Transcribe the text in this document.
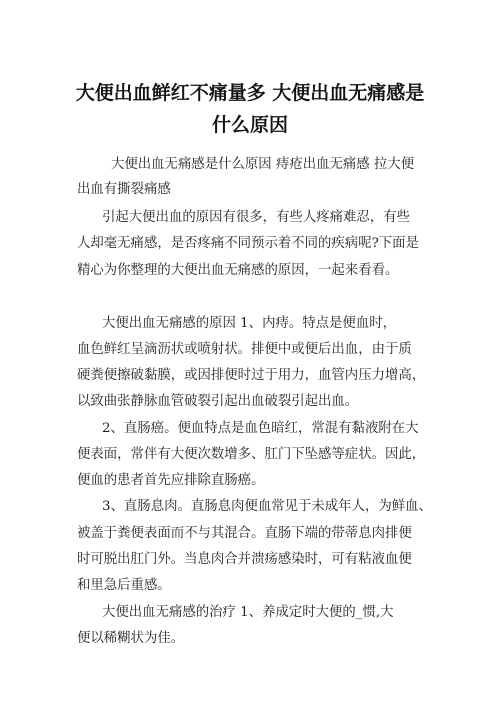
大便出血鲜红不痛量多 大便出血无痛感是
什么原因
大便出血无痛感是什么原因 痔疮出血无痛感 拉大便
出血有撕裂痛感
引起大便出血的原因有很多，有些人疼痛难忍，有些
人却毫无痛感，是否疼痛不同预示着不同的疾病呢?下面是
精心为你整理的大便出血无痛感的原因，一起来看看。
大便出血无痛感的原因 1、内痔。特点是便血时，
血色鲜红呈滴沥状或喷射状。排便中或便后出血，由于质
硬粪便擦破黏膜，或因排便时过于用力，血管内压力增高，
以致曲张静脉血管破裂引起出血破裂引起出血。
2、直肠癌。便血特点是血色暗红，常混有黏液附在大
便表面，常伴有大便次数增多、肛门下坠感等症状。因此，
便血的患者首先应排除直肠癌。
3、直肠息肉。直肠息肉便血常见于未成年人，为鲜血、
被盖于粪便表面而不与其混合。直肠下端的带蒂息肉排便
时可脱出肛门外。当息肉合并溃疡感染时，可有粘液血便
和里急后重感。
大便出血无痛感的治疗 1、养成定时大便的_惯,大
便以稀糊状为佳。
